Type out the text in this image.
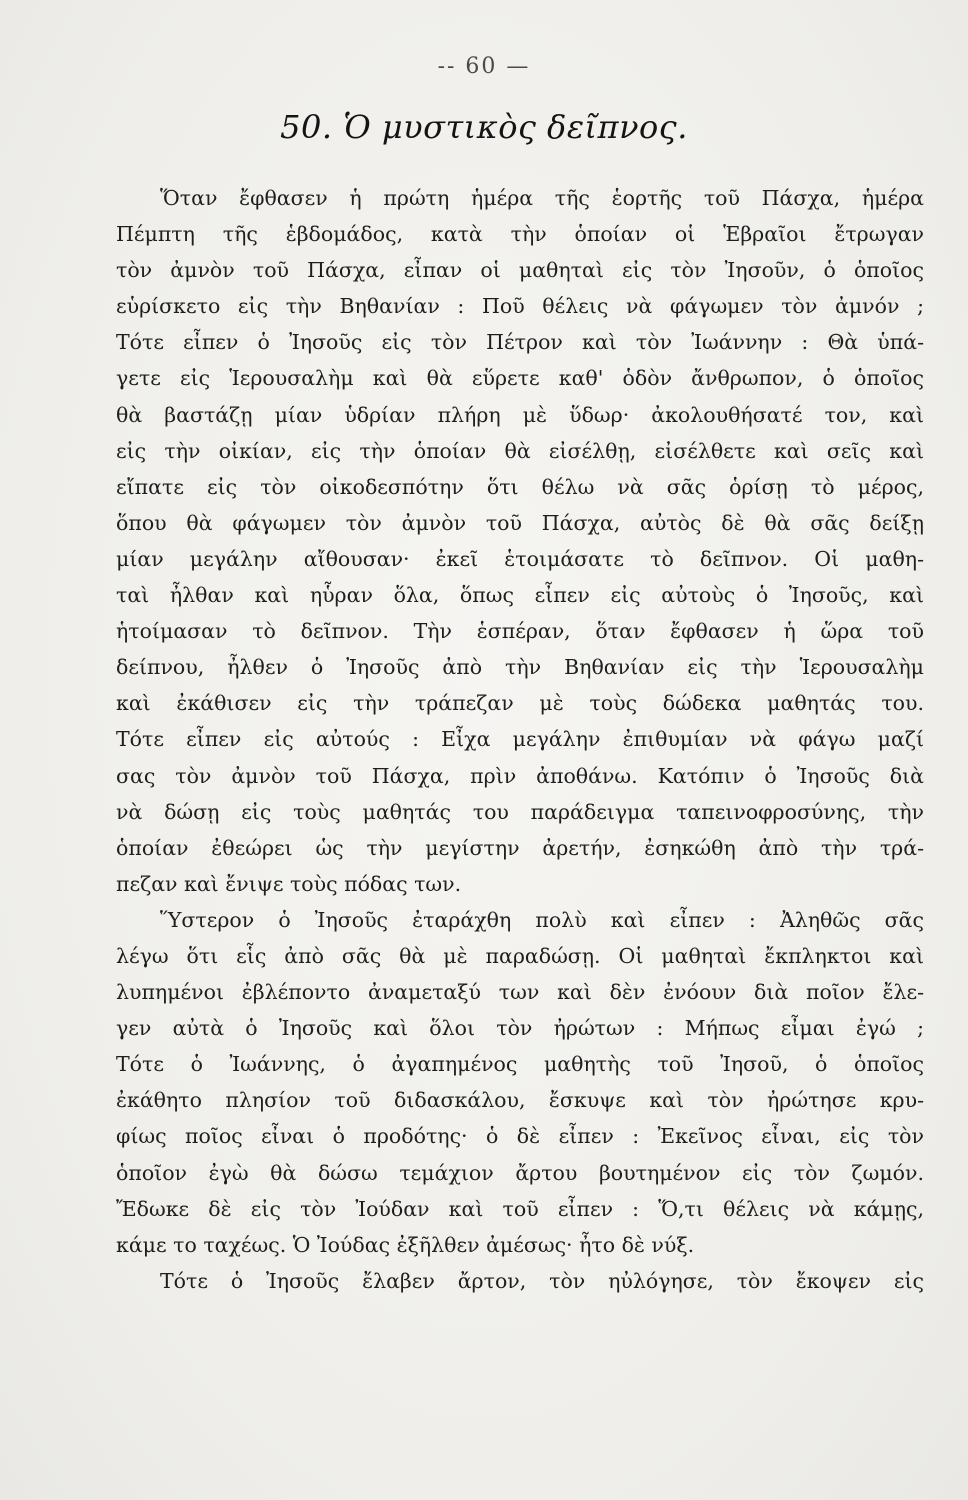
-- 60 —
50. Ὁ μυστικὸς δεῖπνος.
Ὅταν ἔφθασεν ἡ πρώτη ἡμέρα τῆς ἑορτῆς τοῦ Πάσχα, ἡμέρα
Πέμπτη τῆς ἑβδομάδος, κατὰ τὴν ὁποίαν οἱ Ἑβραῖοι ἔτρωγαν
τὸν ἀμνὸν τοῦ Πάσχα, εἶπαν οἱ μαθηταὶ εἰς τὸν Ἰησοῦν, ὁ ὁποῖος
εὑρίσκετο εἰς τὴν Βηθανίαν : Ποῦ θέλεις νὰ φάγωμεν τὸν ἀμνόν ;
Τότε εἶπεν ὁ Ἰησοῦς εἰς τὸν Πέτρον καὶ τὸν Ἰωάννην : Θὰ ὑπά-
γετε εἰς Ἱερουσαλὴμ καὶ θὰ εὕρετε καθ' ὁδὸν ἄνθρωπον, ὁ ὁποῖος
θὰ βαστάζῃ μίαν ὑδρίαν πλήρη μὲ ὕδωρ· ἀκολουθήσατέ τον, καὶ
εἰς τὴν οἰκίαν, εἰς τὴν ὁποίαν θὰ εἰσέλθῃ, εἰσέλθετε καὶ σεῖς καὶ
εἴπατε εἰς τὸν οἰκοδεσπότην ὅτι θέλω νὰ σᾶς ὁρίσῃ τὸ μέρος,
ὅπου θὰ φάγωμεν τὸν ἀμνὸν τοῦ Πάσχα, αὐτὸς δὲ θὰ σᾶς δείξῃ
μίαν μεγάλην αἴθουσαν· ἐκεῖ ἑτοιμάσατε τὸ δεῖπνον. Οἱ μαθη-
ταὶ ἦλθαν καὶ ηὗραν ὅλα, ὅπως εἶπεν εἰς αὐτοὺς ὁ Ἰησοῦς, καὶ
ἡτοίμασαν τὸ δεῖπνον. Τὴν ἑσπέραν, ὅταν ἔφθασεν ἡ ὥρα τοῦ
δείπνου, ἦλθεν ὁ Ἰησοῦς ἀπὸ τὴν Βηθανίαν εἰς τὴν Ἱερουσαλὴμ
καὶ ἐκάθισεν εἰς τὴν τράπεζαν μὲ τοὺς δώδεκα μαθητάς του.
Τότε εἶπεν εἰς αὐτούς : Εἶχα μεγάλην ἐπιθυμίαν νὰ φάγω μαζί
σας τὸν ἀμνὸν τοῦ Πάσχα, πρὶν ἀποθάνω. Κατόπιν ὁ Ἰησοῦς διὰ
νὰ δώσῃ εἰς τοὺς μαθητάς του παράδειγμα ταπεινοφροσύνης, τὴν
ὁποίαν ἐθεώρει ὡς τὴν μεγίστην ἀρετήν, ἐσηκώθη ἀπὸ τὴν τρά-
πεζαν καὶ ἔνιψε τοὺς πόδας των.
Ὕστερον ὁ Ἰησοῦς ἐταράχθη πολὺ καὶ εἶπεν : Ἀληθῶς σᾶς
λέγω ὅτι εἷς ἀπὸ σᾶς θὰ μὲ παραδώσῃ. Οἱ μαθηταὶ ἔκπληκτοι καὶ
λυπημένοι ἐβλέποντο ἀναμεταξύ των καὶ δὲν ἐνόουν διὰ ποῖον ἔλε-
γεν αὐτὰ ὁ Ἰησοῦς καὶ ὅλοι τὸν ἠρώτων : Μήπως εἶμαι ἐγώ ;
Τότε ὁ Ἰωάννης, ὁ ἀγαπημένος μαθητὴς τοῦ Ἰησοῦ, ὁ ὁποῖος
ἐκάθητο πλησίον τοῦ διδασκάλου, ἔσκυψε καὶ τὸν ἠρώτησε κρυ-
φίως ποῖος εἶναι ὁ προδότης· ὁ δὲ εἶπεν : Ἐκεῖνος εἶναι, εἰς τὸν
ὁποῖον ἐγὼ θὰ δώσω τεμάχιον ἄρτου βουτημένον εἰς τὸν ζωμόν.
Ἔδωκε δὲ εἰς τὸν Ἰούδαν καὶ τοῦ εἶπεν : Ὅ,τι θέλεις νὰ κάμῃς,
κάμε το ταχέως. Ὁ Ἰούδας ἐξῆλθεν ἀμέσως· ἦτο δὲ νύξ.
Τότε ὁ Ἰησοῦς ἔλαβεν ἄρτον, τὸν ηὐλόγησε, τὸν ἔκοψεν εἰς
